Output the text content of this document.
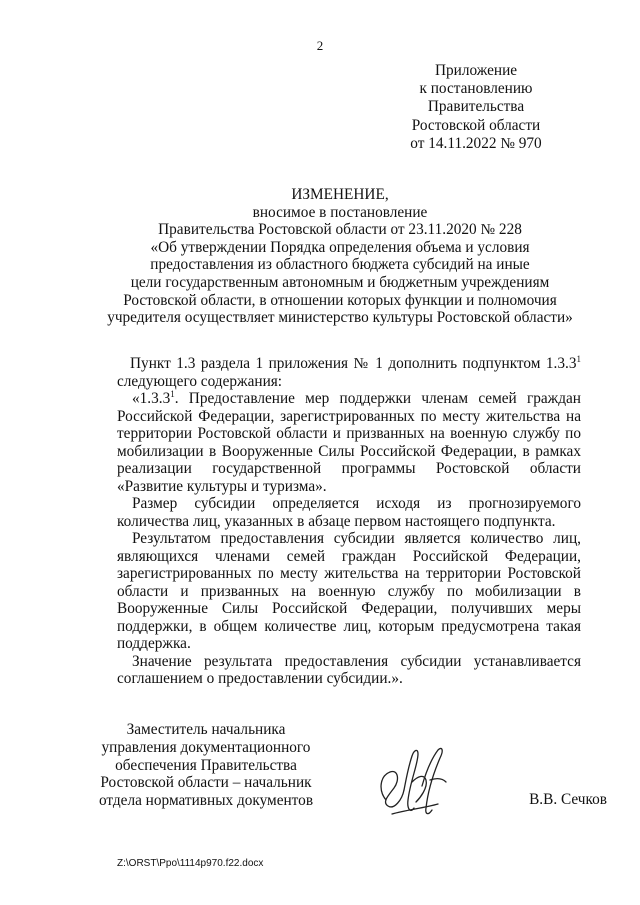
2
Приложение
к постановлению
Правительства
Ростовской области
от 14.11.2022 № 970
ИЗМЕНЕНИЕ,
вносимое в постановление
Правительства Ростовской области от 23.11.2020 № 228
«Об утверждении Порядка определения объема и условия
предоставления из областного бюджета субсидий на иные
цели государственным автономным и бюджетным учреждениям
Ростовской области, в отношении которых функции и полномочия
учредителя осуществляет министерство культуры Ростовской области»

Пункт 1.3 раздела 1 приложения № 1 дополнить подпунктом 1.3.3$^1$ следующего содержания:

«1.3.3$^1$. Предоставление мер поддержки членам семей граждан Российской Федерации, зарегистрированных по месту жительства на территории Ростовской области и призванных на военную службу по мобилизации в Вооруженные Силы Российской Федерации, в рамках реализации государственной программы Ростовской области «Развитие культуры и туризма».

Размер субсидии определяется исходя из прогнозируемого количества лиц, указанных в абзаце первом настоящего подпункта.

Результатом предоставления субсидии является количество лиц, являющихся членами семей граждан Российской Федерации, зарегистрированных по месту жительства на территории Ростовской области и призванных на военную службу по мобилизации в Вооруженные Силы Российской Федерации, получивших меры поддержки, в общем количестве лиц, которым предусмотрена такая поддержка.

Значение результата предоставления субсидии устанавливается соглашением о предоставлении субсидии.».

Заместитель начальника
управления документационного
обеспечения Правительства
Ростовской области – начальник
отдела нормативных документов	В.В. Сечков
Z:\ORST\Ppo\1114p970.f22.docx
